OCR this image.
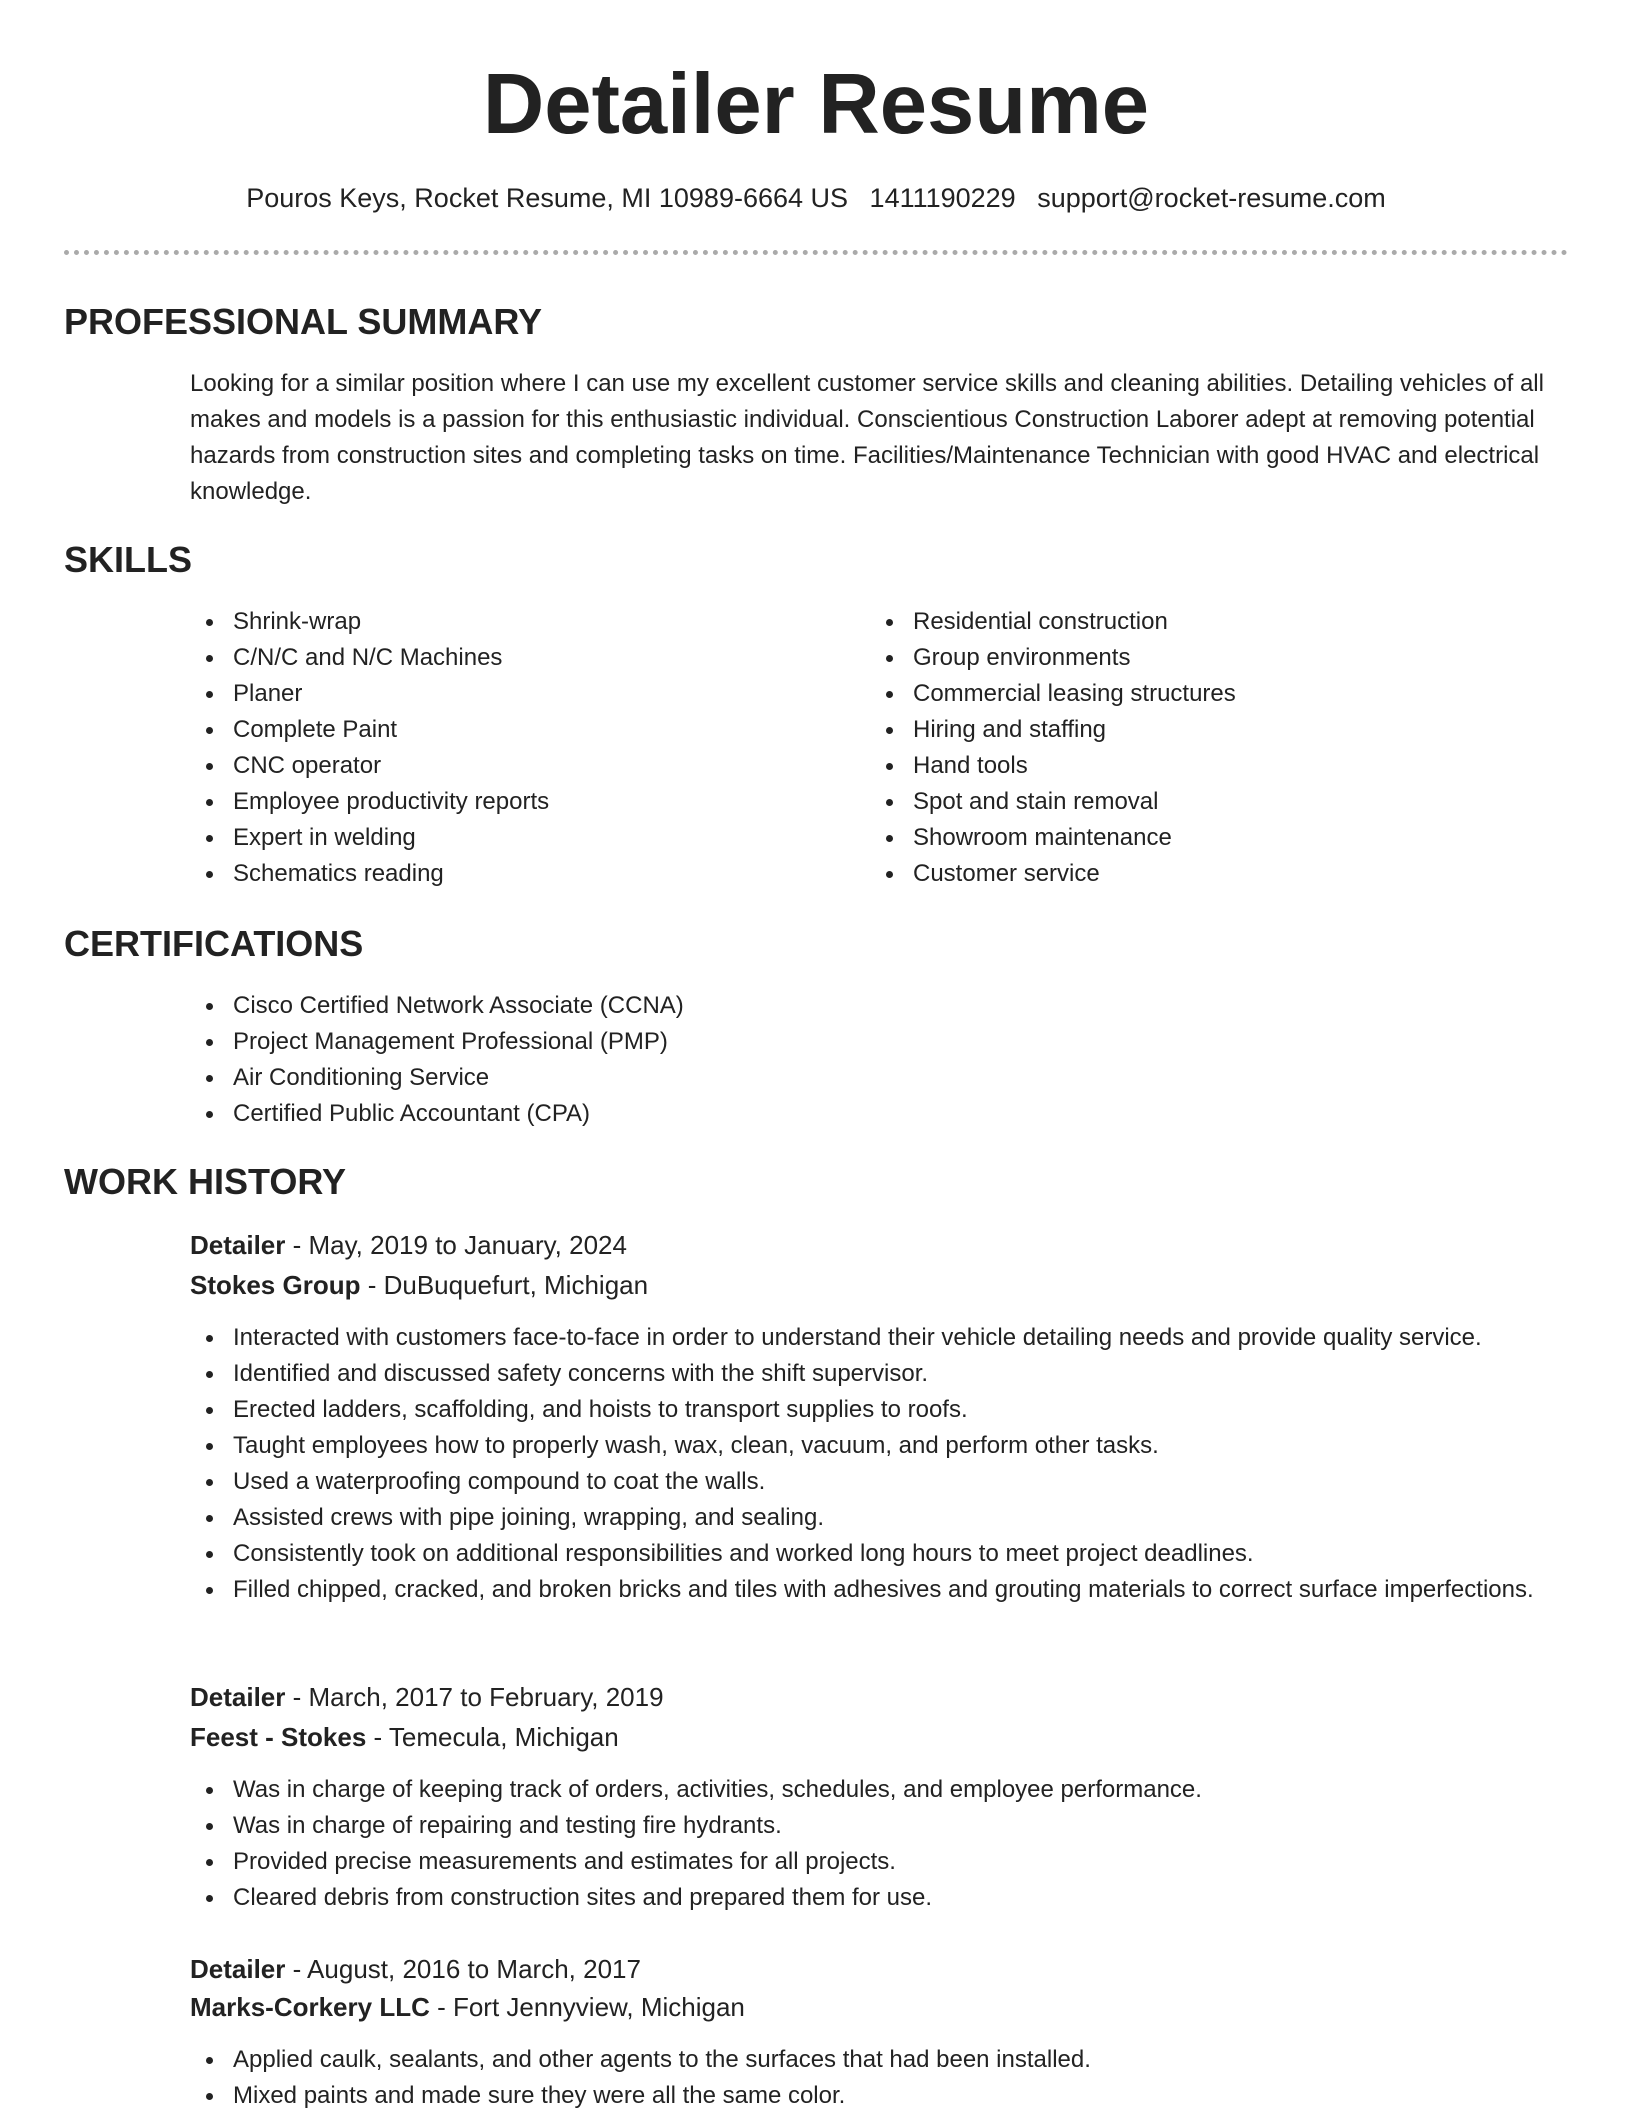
Detailer Resume
Pouros Keys, Rocket Resume, MI 10989-6664 US 1411190229 support@rocket-resume.com
PROFESSIONAL SUMMARY

Looking for a similar position where I can use my excellent customer service skills and cleaning abilities. Detailing vehicles of all makes and models is a passion for this enthusiastic individual. Conscientious Construction Laborer adept at removing potential hazards from construction sites and completing tasks on time. Facilities/Maintenance Technician with good HVAC and electrical knowledge.

SKILLS
Shrink-wrap
C/N/C and N/C Machines
Planer
Complete Paint
CNC operator
Employee productivity reports
Expert in welding
Schematics reading
Residential construction
Group environments
Commercial leasing structures
Hiring and staffing
Hand tools
Spot and stain removal
Showroom maintenance
Customer service
CERTIFICATIONS
Cisco Certified Network Associate (CCNA)
Project Management Professional (PMP)
Air Conditioning Service
Certified Public Accountant (CPA)
WORK HISTORY
Detailer - May, 2019 to January, 2024
Stokes Group - DuBuquefurt, Michigan
Interacted with customers face-to-face in order to understand their vehicle detailing needs and provide quality service.
Identified and discussed safety concerns with the shift supervisor.
Erected ladders, scaffolding, and hoists to transport supplies to roofs.
Taught employees how to properly wash, wax, clean, vacuum, and perform other tasks.
Used a waterproofing compound to coat the walls.
Assisted crews with pipe joining, wrapping, and sealing.
Consistently took on additional responsibilities and worked long hours to meet project deadlines.
Filled chipped, cracked, and broken bricks and tiles with adhesives and grouting materials to correct surface imperfections.
Detailer - March, 2017 to February, 2019
Feest - Stokes - Temecula, Michigan
Was in charge of keeping track of orders, activities, schedules, and employee performance.
Was in charge of repairing and testing fire hydrants.
Provided precise measurements and estimates for all projects.
Cleared debris from construction sites and prepared them for use.
Detailer - August, 2016 to March, 2017
Marks-Corkery LLC - Fort Jennyview, Michigan
Applied caulk, sealants, and other agents to the surfaces that had been installed.
Mixed paints and made sure they were all the same color.
